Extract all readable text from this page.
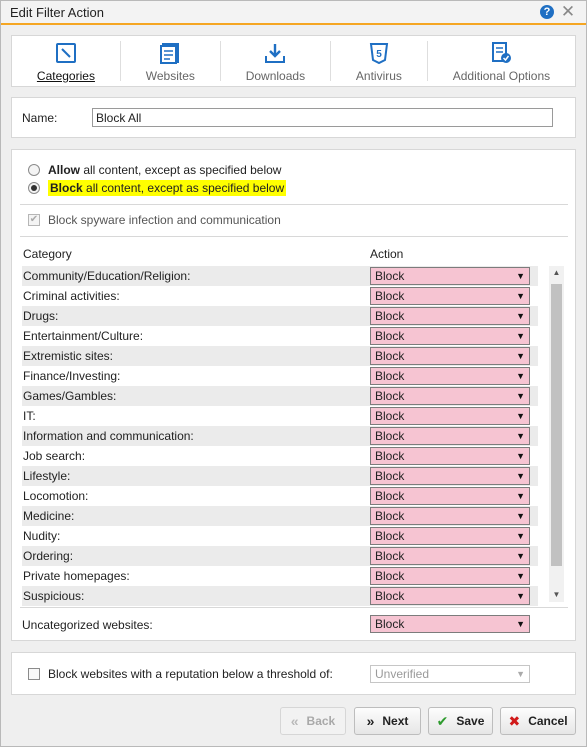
Edit Filter Action	? ✕
Categories	Websites	Downloads
5
Antivirus	Additional Options
Name:
Block All
Allow all content, except as specified below
Block all content, except as specified below
✔ Block spyware infection and communication
Category	Action
Community/Education/Religion:	Block	▼
Criminal activities:	Block	▼
Drugs:	Block	▼
Entertainment/Culture:	Block	▼
Extremistic sites:	Block	▼
Finance/Investing:	Block	▼
Games/Gambles:	Block	▼
IT:	Block	▼
Information and communication:	Block	▼
Job search:	Block	▼
Lifestyle:	Block	▼
Locomotion:	Block	▼
Medicine:	Block	▼
Nudity:	Block	▼
Ordering:	Block	▼
Private homepages:	Block	▼
Suspicious:	Block	▼
▲
▼
Uncategorized websites:	Block	▼
Block websites with a reputation below a threshold of:	Unverified	▼
« Back » Next ✔ Save ✖ Cancel
